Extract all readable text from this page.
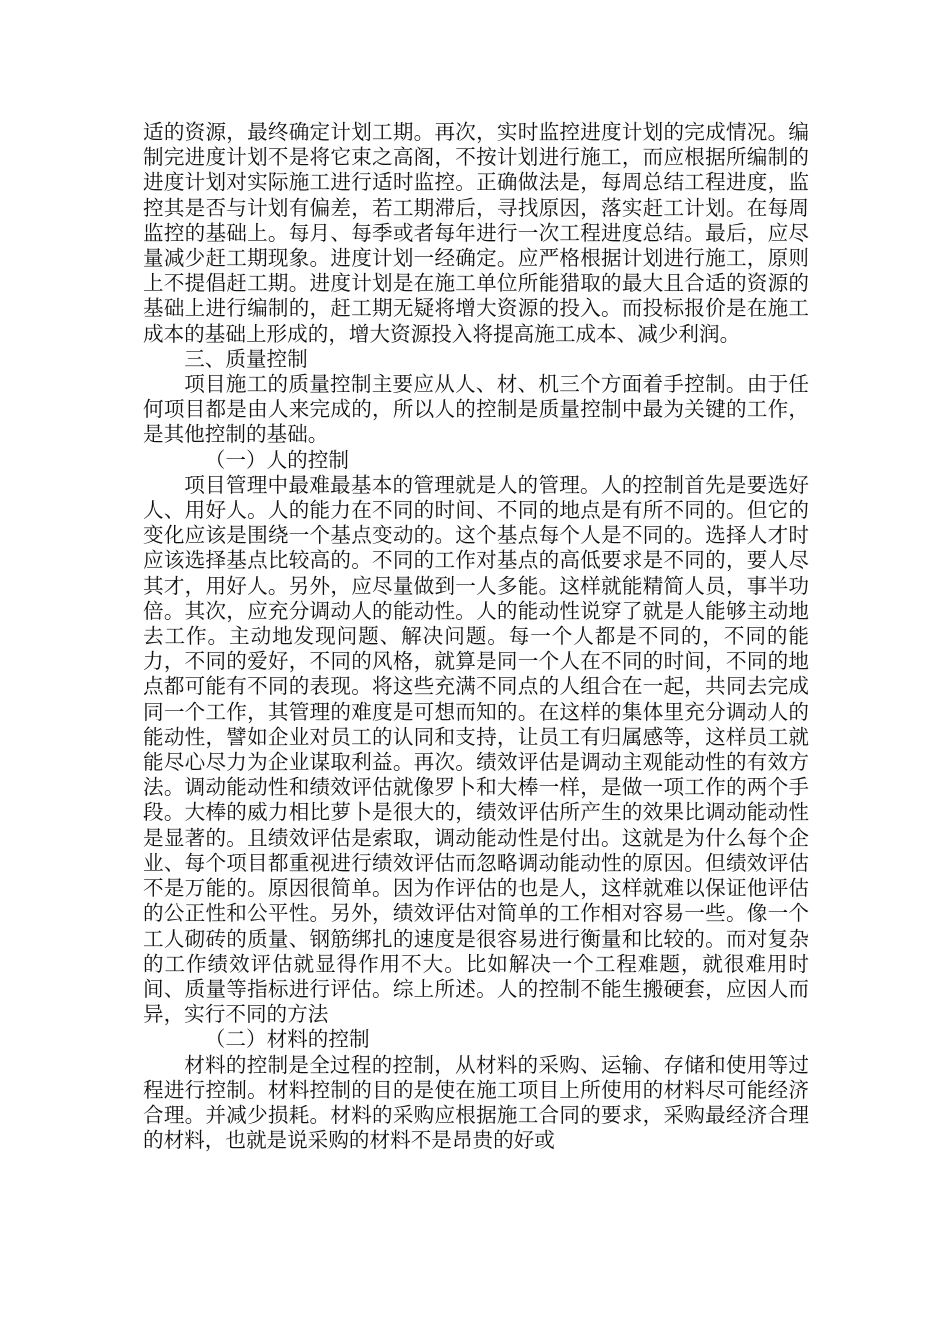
适的资源，最终确定计划工期。再次，实时监控进度计划的完成情况。编制完进度计划不是将它束之高阁，不按计划进行施工，而应根据所编制的进度计划对实际施工进行适时监控。正确做法是，每周总结工程进度，监控其是否与计划有偏差，若工期滞后，寻找原因，落实赶工计划。在每周监控的基础上。每月、每季或者每年进行一次工程进度总结。最后，应尽量减少赶工期现象。进度计划一经确定。应严格根据计划进行施工，原则上不提倡赶工期。进度计划是在施工单位所能猎取的最大且合适的资源的基础上进行编制的，赶工期无疑将增大资源的投入。而投标报价是在施工成本的基础上形成的，增大资源投入将提高施工成本、减少利润。

三、质量控制

项目施工的质量控制主要应从人、材、机三个方面着手控制。由于任何项目都是由人来完成的，所以人的控制是质量控制中最为关键的工作，是其他控制的基础。

（一）人的控制

项目管理中最难最基本的管理就是人的管理。人的控制首先是要选好人、用好人。人的能力在不同的时间、不同的地点是有所不同的。但它的变化应该是围绕一个基点变动的。这个基点每个人是不同的。选择人才时应该选择基点比较高的。不同的工作对基点的高低要求是不同的，要人尽其才，用好人。另外，应尽量做到一人多能。这样就能精简人员，事半功倍。其次，应充分调动人的能动性。人的能动性说穿了就是人能够主动地去工作。主动地发现问题、解决问题。每一个人都是不同的，不同的能力，不同的爱好，不同的风格，就算是同一个人在不同的时间，不同的地点都可能有不同的表现。将这些充满不同点的人组合在一起，共同去完成同一个工作，其管理的难度是可想而知的。在这样的集体里充分调动人的能动性，譬如企业对员工的认同和支持，让员工有归属感等，这样员工就能尽心尽力为企业谋取利益。再次。绩效评估是调动主观能动性的有效方法。调动能动性和绩效评估就像罗卜和大棒一样，是做一项工作的两个手段。大棒的威力相比萝卜是很大的，绩效评估所产生的效果比调动能动性是显著的。且绩效评估是索取，调动能动性是付出。这就是为什么每个企业、每个项目都重视进行绩效评估而忽略调动能动性的原因。但绩效评估不是万能的。原因很简单。因为作评估的也是人，这样就难以保证他评估的公正性和公平性。另外，绩效评估对简单的工作相对容易一些。像一个工人砌砖的质量、钢筋绑扎的速度是很容易进行衡量和比较的。而对复杂的工作绩效评估就显得作用不大。比如解决一个工程难题，就很难用时间、质量等指标进行评估。综上所述。人的控制不能生搬硬套，应因人而异，实行不同的方法

（二）材料的控制

材料的控制是全过程的控制，从材料的采购、运输、存储和使用等过程进行控制。材料控制的目的是使在施工项目上所使用的材料尽可能经济合理。并减少损耗。材料的采购应根据施工合同的要求，采购最经济合理的材料，也就是说采购的材料不是昂贵的好或
